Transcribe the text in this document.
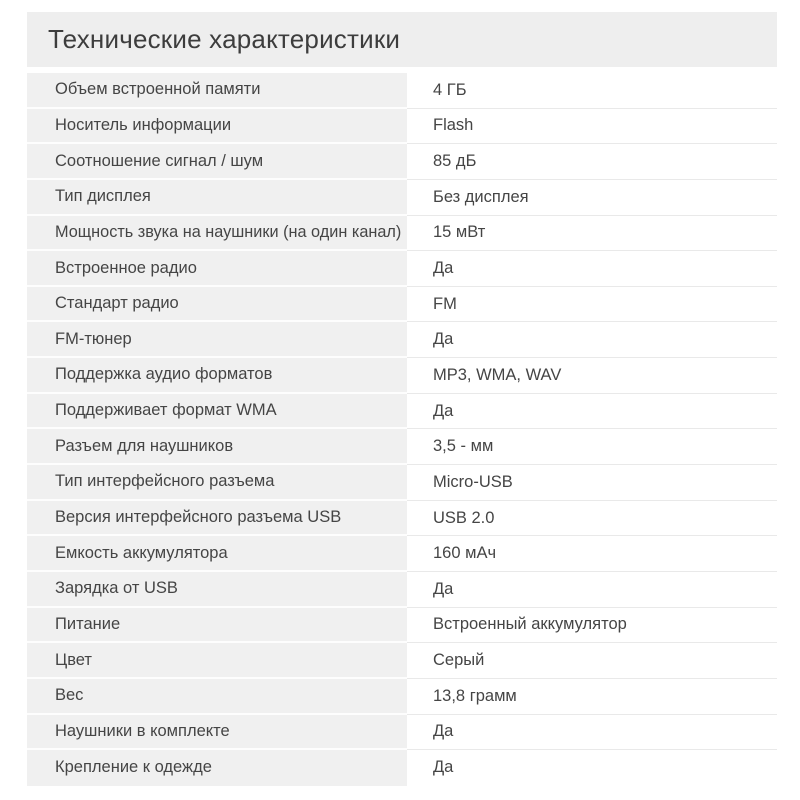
Технические характеристики
Объем встроенной памяти	4 ГБ
Носитель информации	Flash
Соотношение сигнал / шум	85 дБ
Тип дисплея	Без дисплея
Мощность звука на наушники (на один канал) 15 мВт
Встроенное радио	Да
Стандарт радио	FM
FM-тюнер	Да
Поддержка аудио форматов	MP3, WMA, WAV
Поддерживает формат WMA	Да
Разъем для наушников	3,5 - мм
Тип интерфейсного разъема	Micro-USB
Версия интерфейсного разъема USB	USB 2.0
Емкость аккумулятора	160 мАч
Зарядка от USB	Да
Питание	Встроенный аккумулятор
Цвет	Серый
Вес	13,8 грамм
Наушники в комплекте	Да
Крепление к одежде	Да
